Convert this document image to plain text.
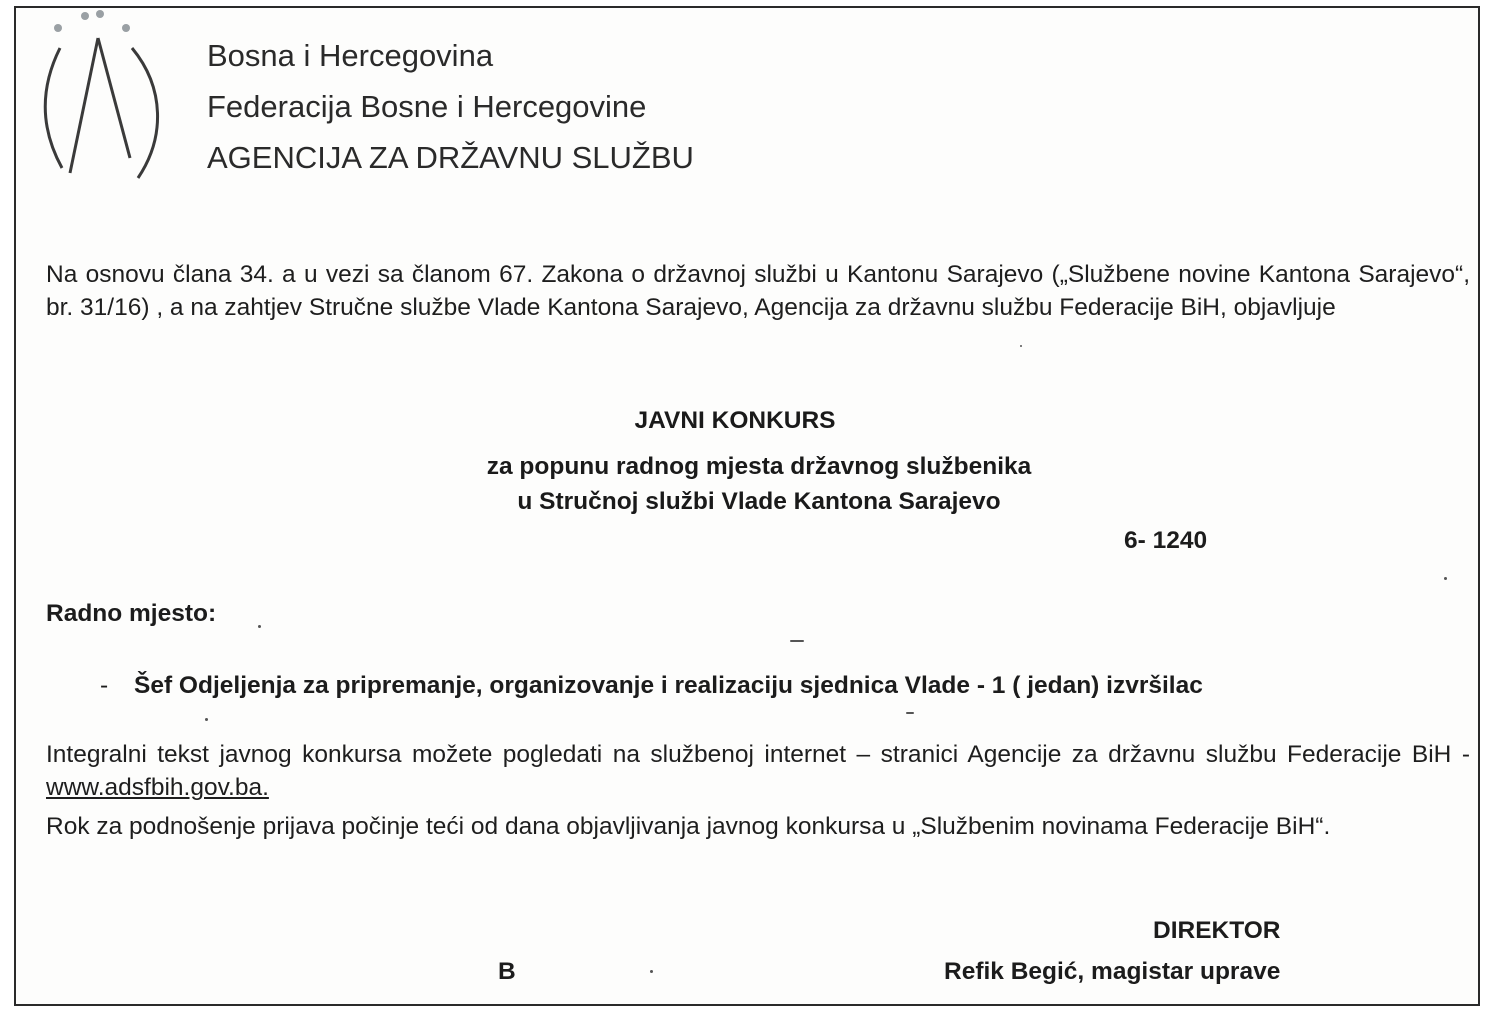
Bosna i Hercegovina
Federacija Bosne i Hercegovine
AGENCIJA ZA DRŽAVNU SLUŽBU
Na osnovu člana 34. a u vezi sa članom 67. Zakona o državnoj službi u Kantonu Sarajevo („Službene novine Kantona Sarajevo“, br. 31/16) , a na zahtjev Stručne službe Vlade Kantona Sarajevo, Agencija za državnu službu Federacije BiH, objavljuje
JAVNI KONKURS
za popunu radnog mjesta državnog službenika
u Stručnoj službi Vlade Kantona Sarajevo
6- 1240
Radno mjesto:
- Šef Odjeljenja za pripremanje, organizovanje i realizaciju sjednica Vlade - 1 ( jedan) izvršilac
Integralni tekst javnog konkursa možete pogledati na službenoj internet – stranici Agencije za državnu službu Federacije BiH - www.adsfbih.gov.ba.
Rok za podnošenje prijava počinje teći od dana objavljivanja javnog konkursa u „Službenim novinama Federacije BiH“.
DIREKTOR
B	Refik Begić, magistar uprave
